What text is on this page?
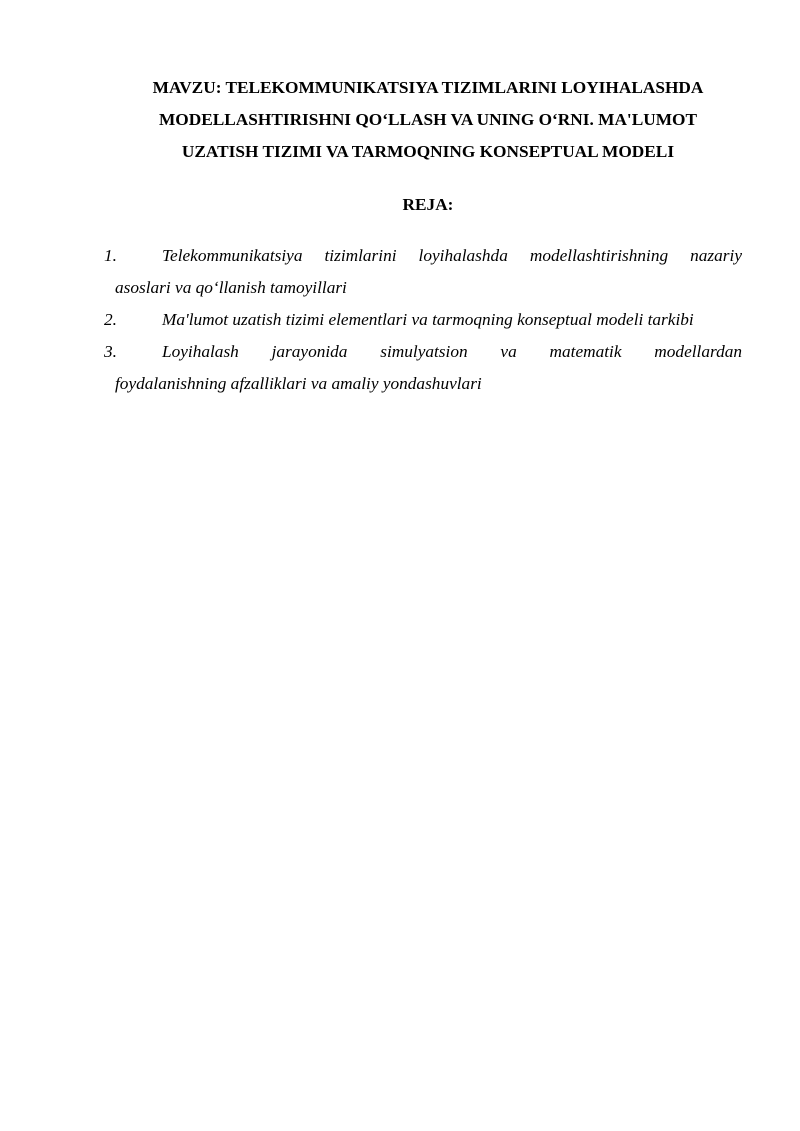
MAVZU: TELEKOMMUNIKATSIYA TIZIMLARINI LOYIHALASHDA
MODELLASHTIRISHNI QO‘LLASH VA UNING O‘RNI. MA'LUMOT
UZATISH TIZIMI VA TARMOQNING KONSEPTUAL MODELI
REJA:
1.	Telekommunikatsiya tizimlarini loyihalashda modellashtirishning nazariy
asoslari va qo‘llanish tamoyillari
2.	Ma'lumot uzatish tizimi elementlari va tarmoqning konseptual modeli tarkibi
3.	Loyihalash jarayonida simulyatsion va matematik modellardan
foydalanishning afzalliklari va amaliy yondashuvlari
